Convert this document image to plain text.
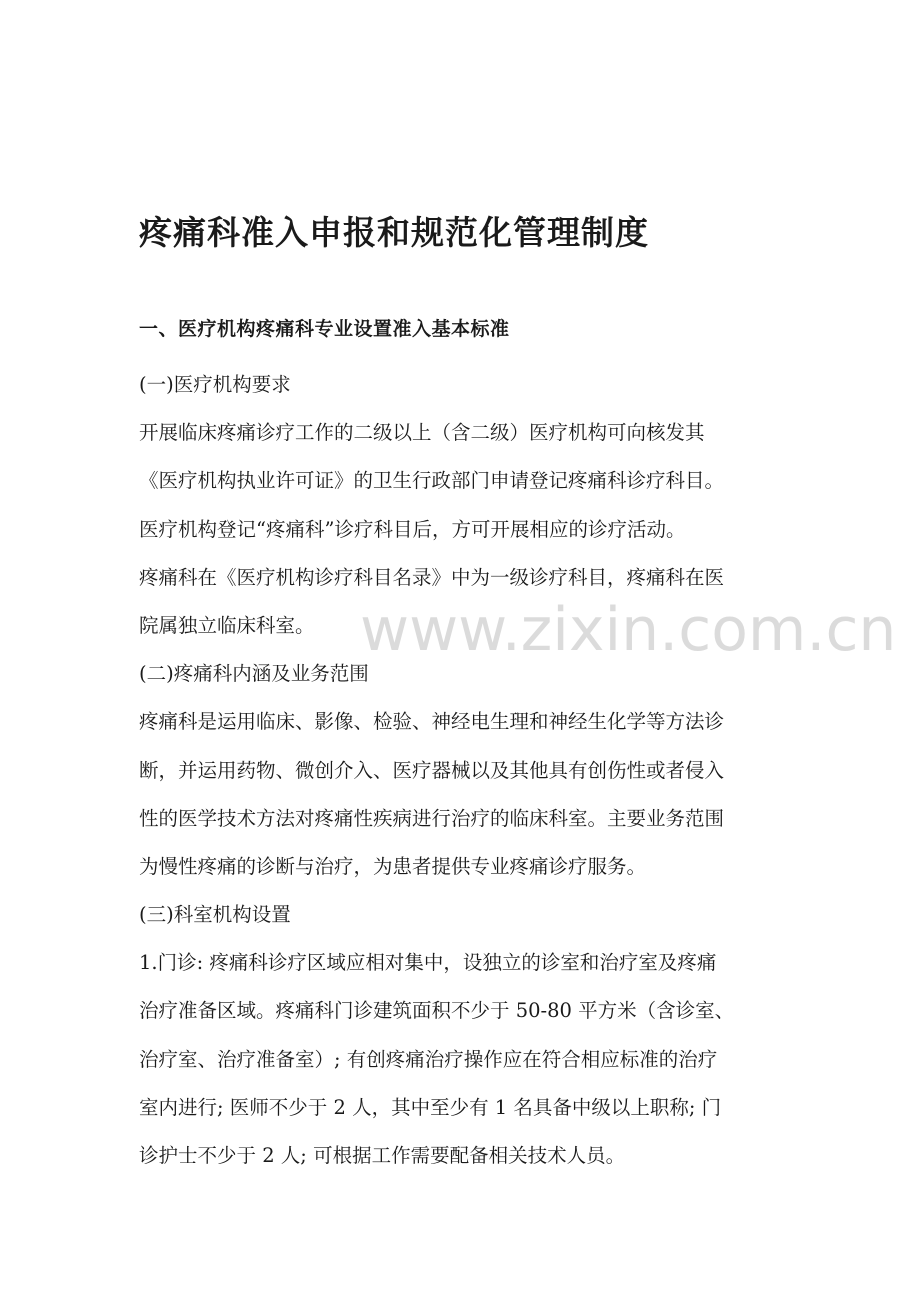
疼痛科准入申报和规范化管理制度
一、医疗机构疼痛科专业设置准入基本标准
(一)医疗机构要求
开展临床疼痛诊疗工作的二级以上（含二级）医疗机构可向核发其
《医疗机构执业许可证》的卫生行政部门申请登记疼痛科诊疗科目。
医疗机构登记“疼痛科”诊疗科目后，方可开展相应的诊疗活动。
疼痛科在《医疗机构诊疗科目名录》中为一级诊疗科目，疼痛科在医
院属独立临床科室。
(二)疼痛科内涵及业务范围
疼痛科是运用临床、影像、检验、神经电生理和神经生化学等方法诊
断，并运用药物、微创介入、医疗器械以及其他具有创伤性或者侵入
性的医学技术方法对疼痛性疾病进行治疗的临床科室。主要业务范围
为慢性疼痛的诊断与治疗，为患者提供专业疼痛诊疗服务。
(三)科室机构设置
1.门诊: 疼痛科诊疗区域应相对集中，设独立的诊室和治疗室及疼痛
治疗准备区域。疼痛科门诊建筑面积不少于 50-80 平方米（含诊室、
治疗室、治疗准备室）; 有创疼痛治疗操作应在符合相应标准的治疗
室内进行; 医师不少于 2 人，其中至少有 1 名具备中级以上职称; 门
诊护士不少于 2 人; 可根据工作需要配备相关技术人员。
www.zixin.com.cn
